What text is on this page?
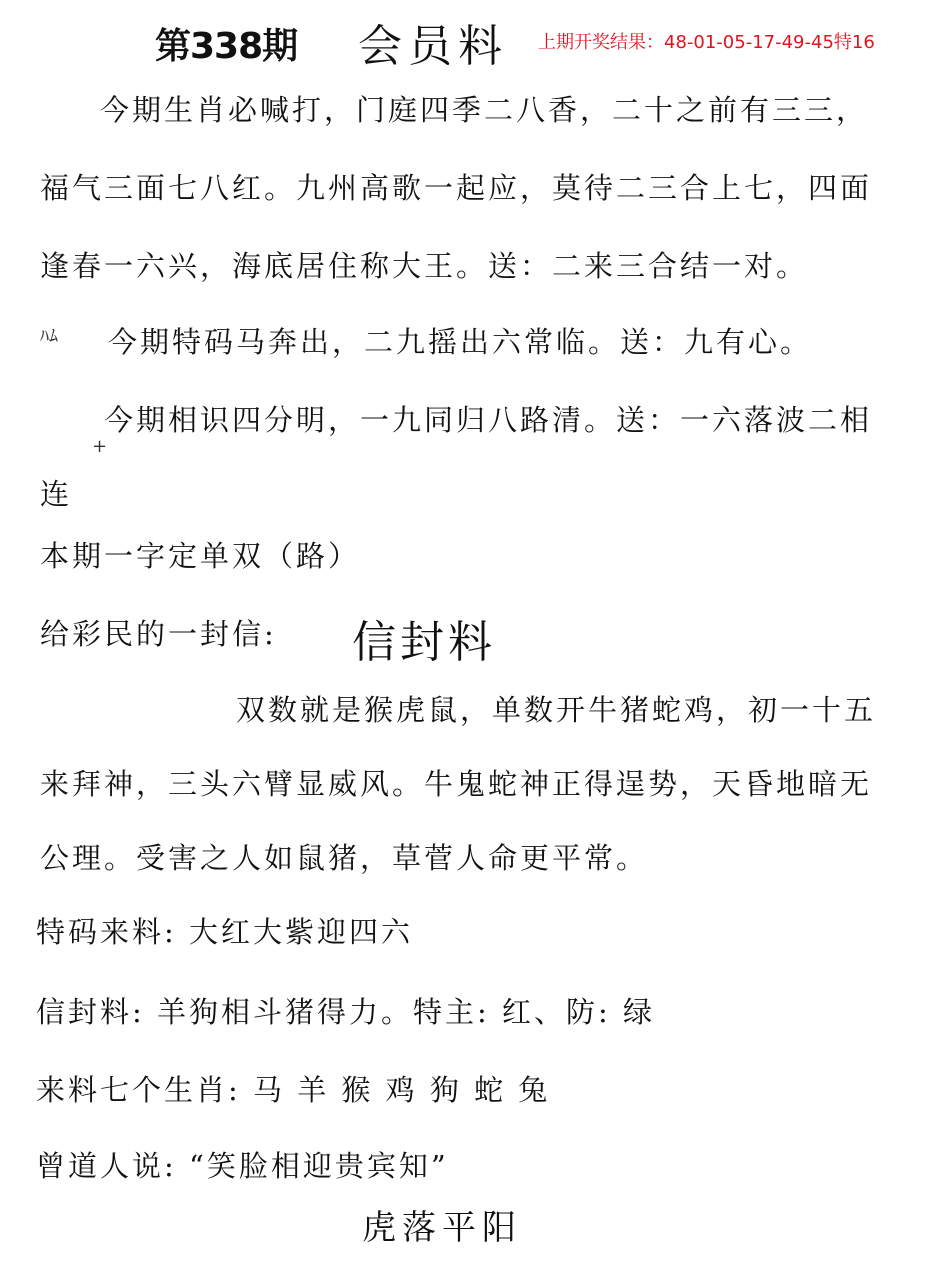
第338期 会员料 上期开奖结果：48-01-05-17-49-45特16
今期生肖必喊打，门庭四季二八香，二十之前有三三，
福气三面七八红。九州高歌一起应，莫待二三合上七，四面
逢春一六兴，海底居住称大王。送：二来三合结一对。
ﾊﾑ 今期特码马奔出，二九摇出六常临。送：九有心。
今期相识四分明，一九同归八路清。送：一六落波二相
+
连
本期一字定单双（路）
给彩民的一封信: 信封料
双数就是猴虎鼠，单数开牛猪蛇鸡，初一十五
来拜神，三头六臂显威风。牛鬼蛇神正得逞势，天昏地暗无
公理。受害之人如鼠猪，草菅人命更平常。
特码来料: 大红大紫迎四六
信封料: 羊狗相斗猪得力。特主: 红、防: 绿
来料七个生肖: 马 羊 猴 鸡 狗 蛇 兔
曾道人说: “笑脸相迎贵宾知”
虎落平阳
